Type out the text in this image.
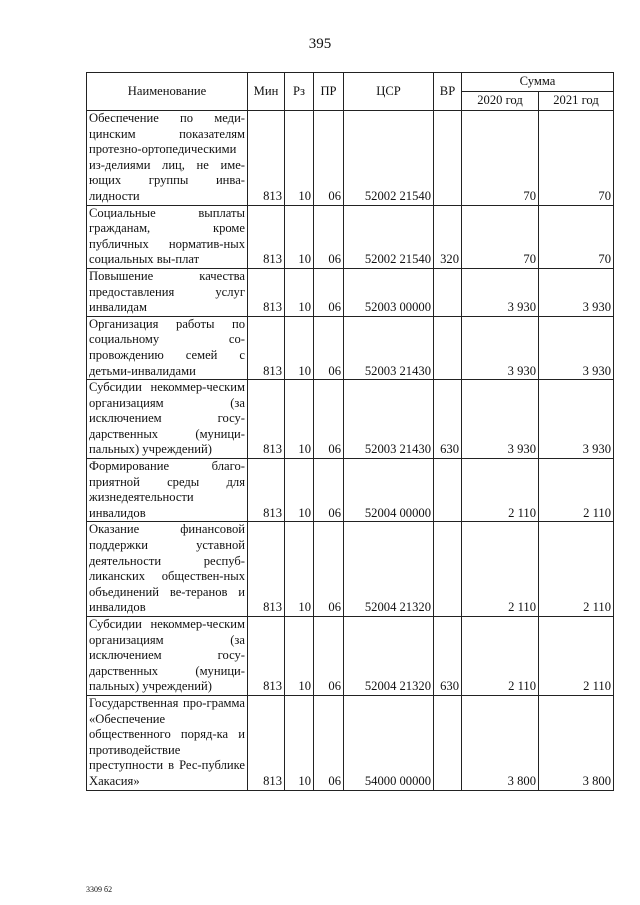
395
Наименование	Мин	Рз	ПР	ЦСР	ВР	Сумма	
						2020 год	2021 год
Обеспечение по меди-цинским показателям протезно-ортопедическими из-делиями лиц, не име-ющих группы инва-лидности	813	10	06	52002 21540		70	70
Социальные выплаты гражданам, кроме публичных норматив-ных социальных вы-плат	813	10	06	52002 21540	320	70	70
Повышение качества предоставления услуг инвалидам	813	10	06	52003 00000		3 930	3 930
Организация работы по социальному со-провождению семей с детьми-инвалидами	813	10	06	52003 21430		3 930	3 930
Субсидии некоммер-ческим организациям (за исключением госу-дарственных (муници-пальных) учреждений)	813	10	06	52003 21430	630	3 930	3 930
Формирование благо-приятной среды для жизнедеятельности инвалидов	813	10	06	52004 00000		2 110	2 110
Оказание финансовой поддержки уставной деятельности респуб-ликанских обществен-ных объединений ве-теранов и инвалидов	813	10	06	52004 21320		2 110	2 110
Субсидии некоммер-ческим организациям (за исключением госу-дарственных (муници-пальных) учреждений)	813	10	06	52004 21320	630	2 110	2 110
Государственная про-грамма «Обеспечение общественного поряд-ка и противодействие преступности в Рес-публике Хакасия»	813	10	06	54000 00000		3 800	3 800
3309 б2
